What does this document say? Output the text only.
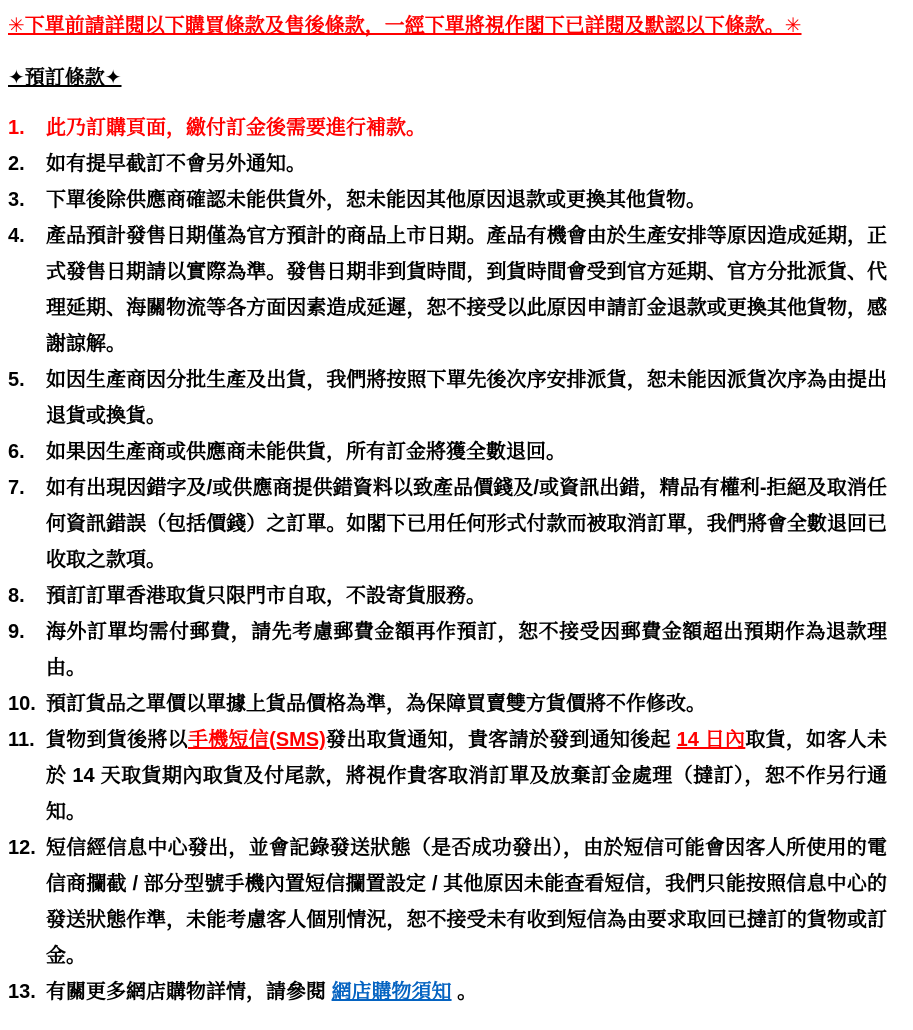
✳下單前請詳閱以下購買條款及售後條款，一經下單將視作閣下已詳閱及默認以下條款。✳
✦預訂條款✦
1.	此乃訂購頁面，繳付訂金後需要進行補款。
2.	如有提早截訂不會另外通知。
3.	下單後除供應商確認未能供貨外，恕未能因其他原因退款或更換其他貨物。
4.	產品預計發售日期僅為官方預計的商品上市日期。產品有機會由於生產安排等原因造成延期，正式發售日期請以實際為準。發售日期非到貨時間，到貨時間會受到官方延期、官方分批派貨、代理延期、海關物流等各方面因素造成延遲，恕不接受以此原因申請訂金退款或更換其他貨物，感謝諒解。
5.	如因生產商因分批生產及出貨，我們將按照下單先後次序安排派貨，恕未能因派貨次序為由提出退貨或換貨。
6.	如果因生產商或供應商未能供貨，所有訂金將獲全數退回。
7.	如有出現因錯字及/或供應商提供錯資料以致產品價錢及/或資訊出錯，精品有權利-拒絕及取消任何資訊錯誤（包括價錢）之訂單。如閣下已用任何形式付款而被取消訂單，我們將會全數退回已收取之款項。
8.	預訂訂單香港取貨只限門市自取，不設寄貨服務。
9.	海外訂單均需付郵費，請先考慮郵費金額再作預訂，恕不接受因郵費金額超出預期作為退款理由。
10. 預訂貨品之單價以單據上貨品價格為準，為保障買賣雙方貨價將不作修改。
11. 貨物到貨後將以手機短信(SMS)發出取貨通知，貴客請於發到通知後起 14 日內取貨，如客人未於 14 天取貨期內取貨及付尾款，將視作貴客取消訂單及放棄訂金處理（撻訂），恕不作另行通知。
12. 短信經信息中心發出，並會記錄發送狀態（是否成功發出），由於短信可能會因客人所使用的電信商攔截 / 部分型號手機內置短信攔置設定 / 其他原因未能查看短信，我們只能按照信息中心的發送狀態作準，未能考慮客人個別情況，恕不接受未有收到短信為由要求取回已撻訂的貨物或訂金。
13. 有關更多網店購物詳情，請參閱 網店購物須知 。
